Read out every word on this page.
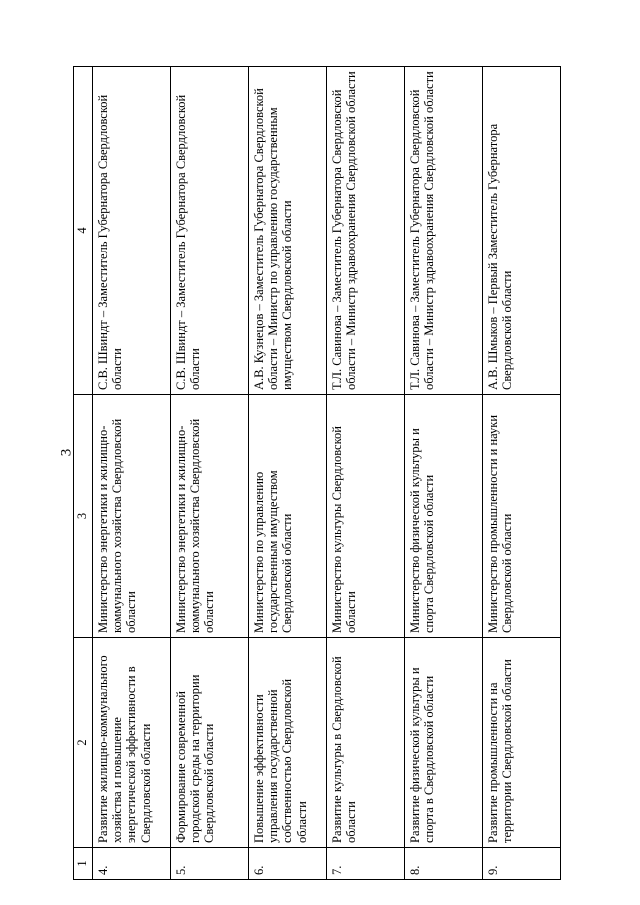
3
1	2	3	4
4.	Развитие жилищно-коммунального хозяйства и повышение энергетической эффективности в Свердловской области	Министерство энергетики и жилищно-коммунального хозяйства Свердловской области	С.В. Швиндт – Заместитель Губернатора Свердловской области
5.	Формирование современной городской среды на территории Свердловской области	Министерство энергетики и жилищно-коммунального хозяйства Свердловской области	С.В. Швиндт – Заместитель Губернатора Свердловской области
6.	Повышение эффективности управления государственной собственностью Свердловской области	Министерство по управлению государственным имуществом Свердловской области	А.В. Кузнецов – Заместитель Губернатора Свердловской области – Министр по управлению государственным имуществом Свердловской области
7.	Развитие культуры в Свердловской области	Министерство культуры Свердловской области	Т.Л. Савинова – Заместитель Губернатора Свердловской области – Министр здравоохранения Свердловской области
8.	Развитие физической культуры и спорта в Свердловской области	Министерство физической культуры и спорта Свердловской области	Т.Л. Савинова – Заместитель Губернатора Свердловской области – Министр здравоохранения Свердловской области
9.	Развитие промышленности на территории Свердловской области	Министерство промышленности и науки Свердловской области	А.В. Шмыков – Первый Заместитель Губернатора Свердловской области
